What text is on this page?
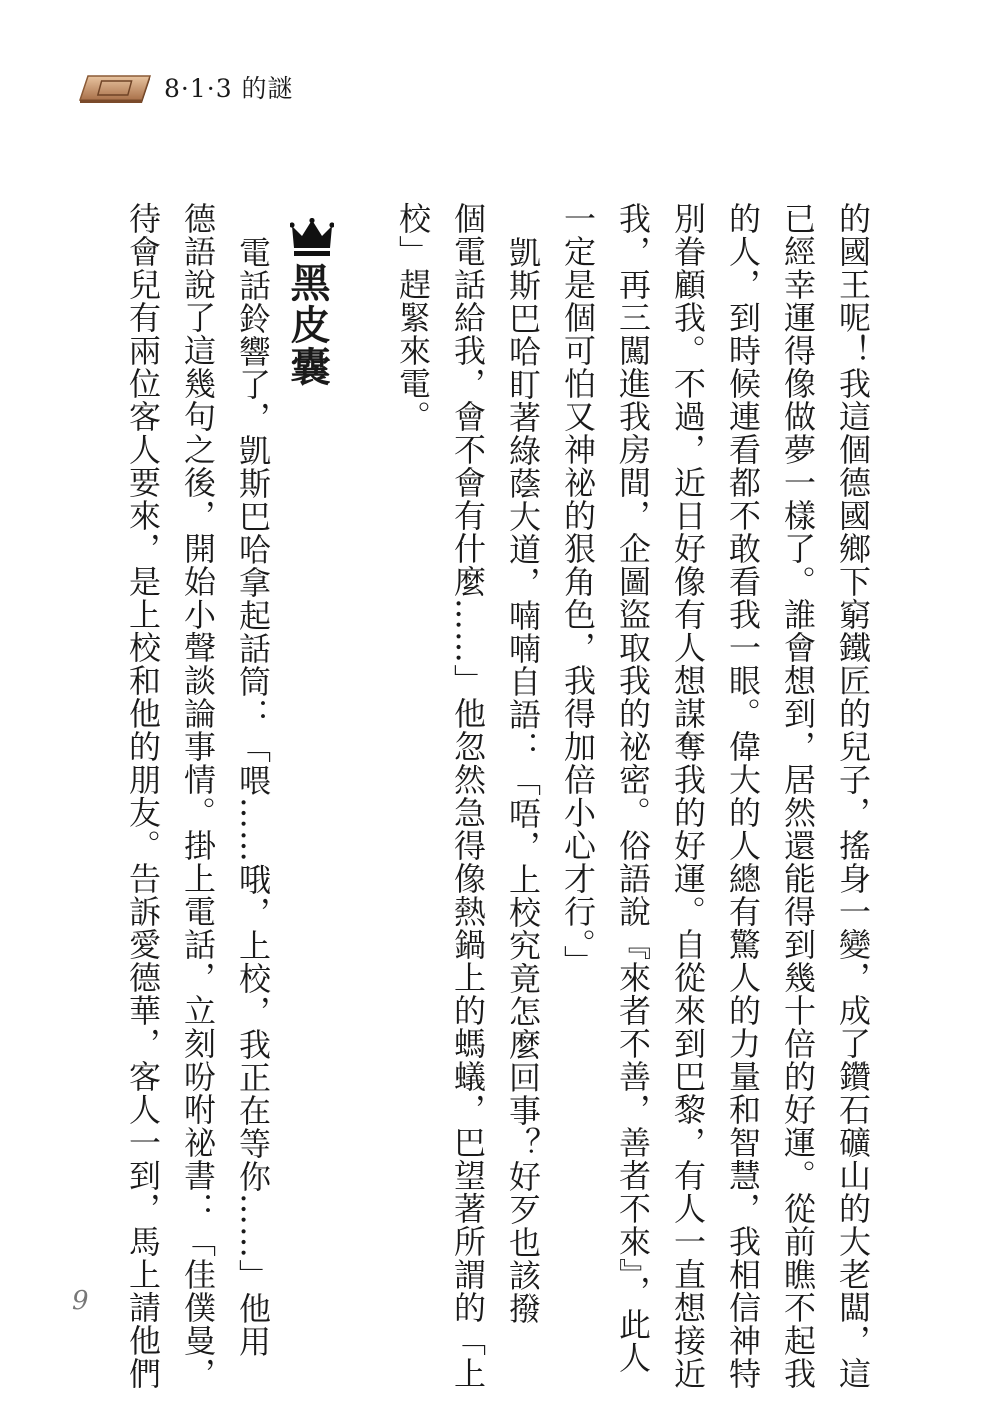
8·1·3 的謎
的國王呢！我這個德國鄉下窮鐵匠的兒子，搖身一變，成了鑽石礦山的大老闆，這
已經幸運得像做夢一樣了。誰會想到，居然還能得到幾十倍的好運。從前瞧不起我
的人，到時候連看都不敢看我一眼。偉大的人總有驚人的力量和智慧，我相信神特
別眷顧我。不過，近日好像有人想謀奪我的好運。自從來到巴黎，有人一直想接近
我，再三闖進我房間，企圖盜取我的祕密。俗語說『來者不善，善者不來』，此人
一定是個可怕又神祕的狠角色，我得加倍小心才行。」
凱斯巴哈盯著綠蔭大道，喃喃自語：「唔，上校究竟怎麼回事？好歹也該撥
個電話給我，會不會有什麼……」他忽然急得像熱鍋上的螞蟻，巴望著所謂的「上
校」趕緊來電。
黑皮囊
電話鈴響了，凱斯巴哈拿起話筒：「喂……哦，上校，我正在等你……」他用
德語說了這幾句之後，開始小聲談論事情。掛上電話，立刻吩咐祕書：「佳僕曼，
待會兒有兩位客人要來，是上校和他的朋友。告訴愛德華，客人一到，馬上請他們
9
